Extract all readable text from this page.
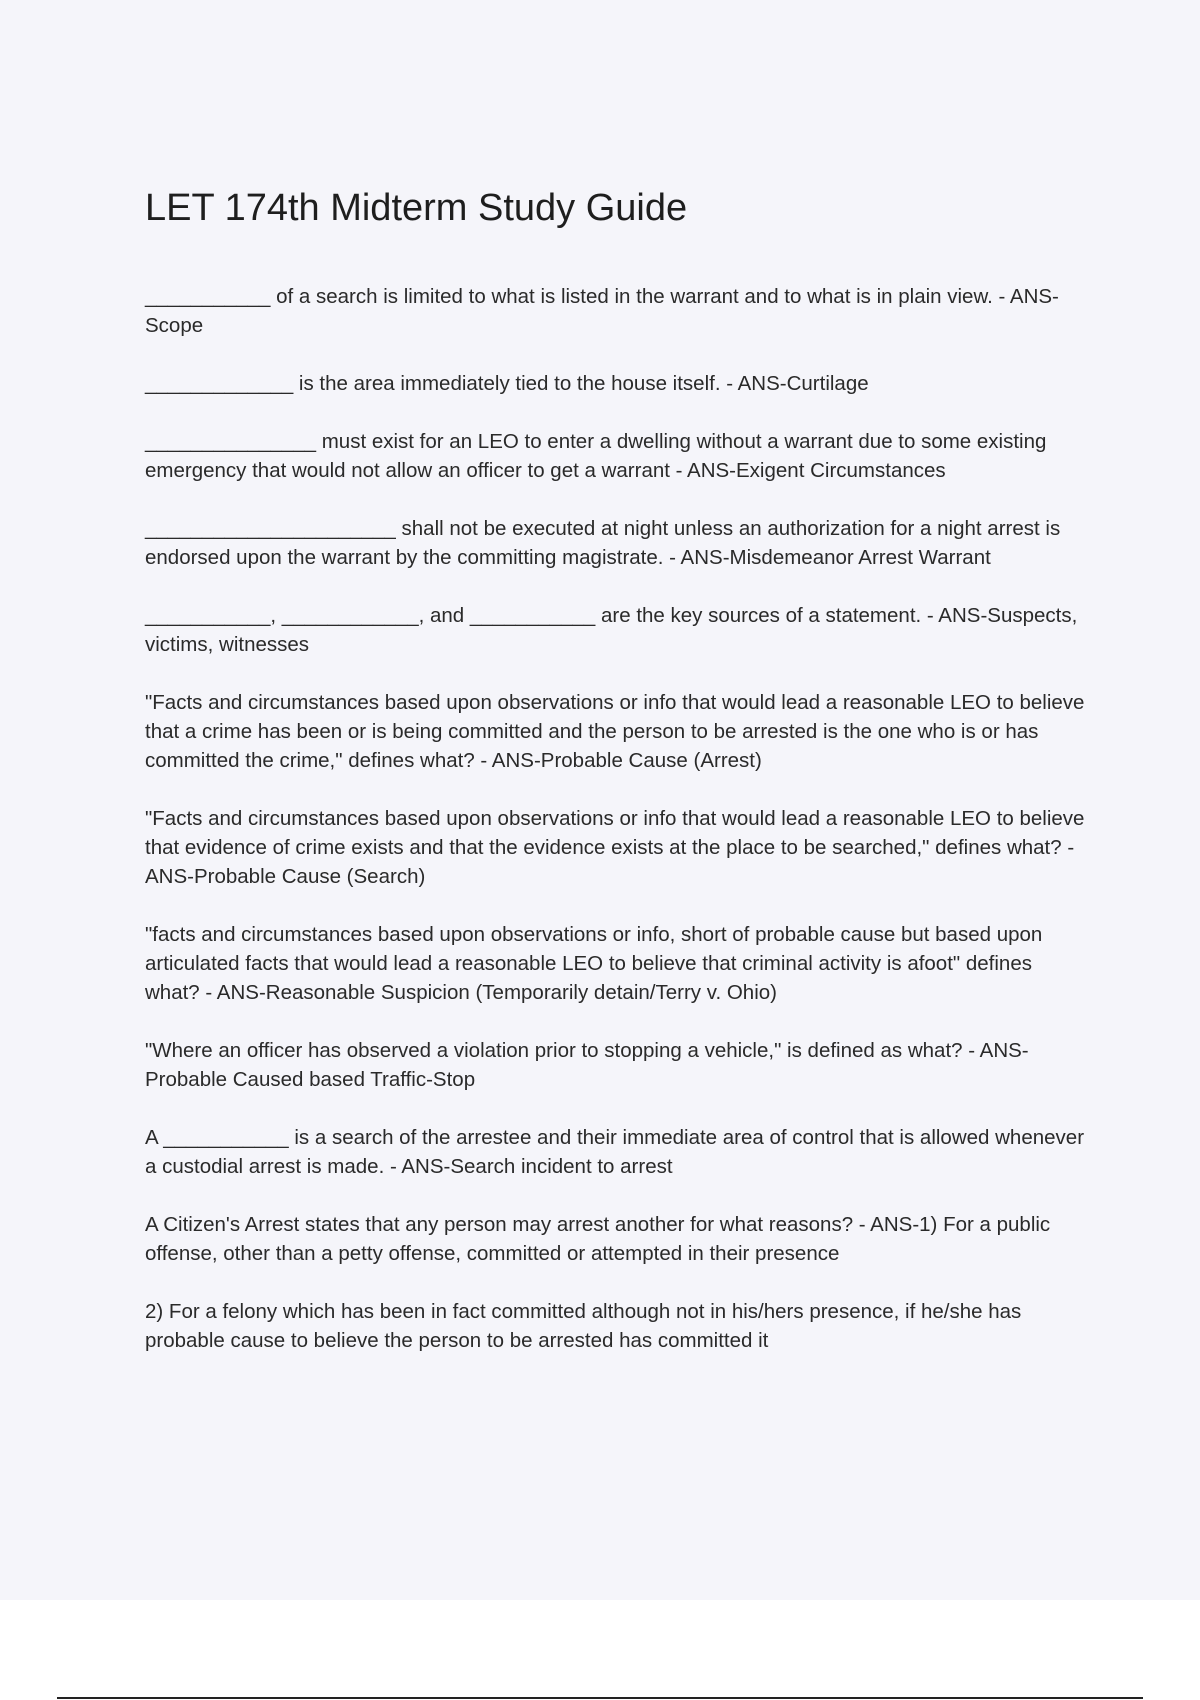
LET 174th Midterm Study Guide

___________ of a search is limited to what is listed in the warrant and to what is in plain view. - ANS-Scope

_____________ is the area immediately tied to the house itself. - ANS-Curtilage

_______________ must exist for an LEO to enter a dwelling without a warrant due to some existing emergency that would not allow an officer to get a warrant - ANS-Exigent Circumstances

______________________ shall not be executed at night unless an authorization for a night arrest is endorsed upon the warrant by the committing magistrate. - ANS-Misdemeanor Arrest Warrant

___________, ____________, and ___________ are the key sources of a statement. - ANS-Suspects, victims, witnesses

"Facts and circumstances based upon observations or info that would lead a reasonable LEO to believe that a crime has been or is being committed and the person to be arrested is the one who is or has committed the crime," defines what? - ANS-Probable Cause (Arrest)

"Facts and circumstances based upon observations or info that would lead a reasonable LEO to believe that evidence of crime exists and that the evidence exists at the place to be searched," defines what? - ANS-Probable Cause (Search)

"facts and circumstances based upon observations or info, short of probable cause but based upon articulated facts that would lead a reasonable LEO to believe that criminal activity is afoot" defines what? - ANS-Reasonable Suspicion (Temporarily detain/Terry v. Ohio)

"Where an officer has observed a violation prior to stopping a vehicle," is defined as what? - ANS-Probable Caused based Traffic-Stop

A ___________ is a search of the arrestee and their immediate area of control that is allowed whenever a custodial arrest is made. - ANS-Search incident to arrest

A Citizen's Arrest states that any person may arrest another for what reasons? - ANS-1) For a public offense, other than a petty offense, committed or attempted in their presence

2) For a felony which has been in fact committed although not in his/hers presence, if he/she has probable cause to believe the person to be arrested has committed it
